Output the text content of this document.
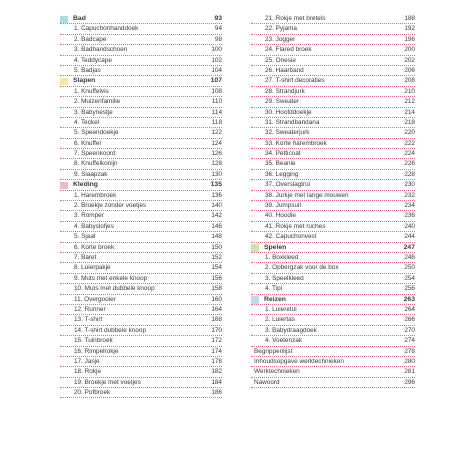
Bad	93
1. Capuchonhanddoek	94
2. Badcape	98
3. Badhandschoen	100
4. Teddycape	102
5. Badjas	104
Slapen	107
1. Knuffelvis	108
2. Muizenfamilie	110
3. Babynestje	114
4. Teckel	118
5. Speendoekje	122
6. Knuffel	124
7. Speenkoord	126
8. Knuffelkonijn	128
9. Slaapzak	130
Kleding	135
1. Harembroek	136
2. Broekje zonder voetjes	140
3. Romper	142
4. Babyslofjes	146
5. Sjaal	148
6. Korte broek	150
7. Baret	152
8. Luierpakje	154
9. Muts met enkele knoop	156
10. Muts met dubbele knoop	158
11. Overgooier	160
12. Runner	164
13. T-shirt	168
14. T-shirt dubbele knoop	170
15. Tuinbroek	172
16. Rimpelrokje	174
17. Jasje	178
18. Rokje	182
19. Broekje met voetjes	184
20. Pofbroek	186
21. Rokje met bretels	188
22. Pyjama	192
23. Jogger	196
24. Flared broek	200
25. Onesie	202
26. Haarband	206
27. T-shirt decoraties	208
28. Strandjurk	210
29. Sweater	212
30. Hoofddoekje	214
31. Strandbandana	218
32. Sweaterjurk	220
33. Korte harembroek	222
34. Petticoat	224
35. Beanie	226
36. Legging	228
37. Overslagtrui	230
38. Jurkje met lange mouwen	232
39. Jumpsuit	234
40. Hoodie	236
41. Rokje met ruches	240
42. Capuchonvest	244
Spelen	247
1. Boxkleed	248
2. Opbergzak voor de box	250
3. Speelkleed	254
4. Tipi	256
Reizen	263
1. Luieretui	264
2. Luiertas	266
3. Babydraagdoek	270
4. Voetenzak	274
Begrippenlijst	278
Inhoudsopgave werktechnieken	280
Werktechnieken	281
Nawoord	296
